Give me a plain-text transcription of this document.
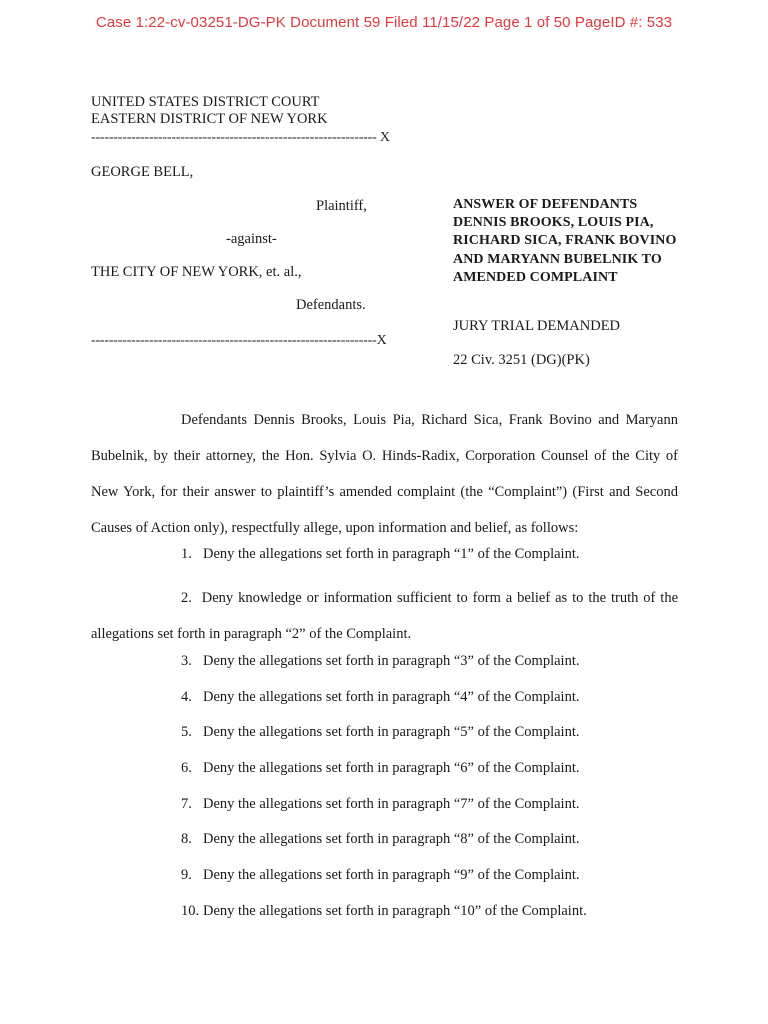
Case 1:22-cv-03251-DG-PK Document 59 Filed 11/15/22 Page 1 of 50 PageID #: 533
UNITED STATES DISTRICT COURT
EASTERN DISTRICT OF NEW YORK
---------------------------------------------------------------- X
GEORGE BELL,
Plaintiff,
-against-
THE CITY OF NEW YORK, et. al.,
Defendants.
----------------------------------------------------------------X
ANSWER OF DEFENDANTS DENNIS BROOKS, LOUIS PIA, RICHARD SICA, FRANK BOVINO AND MARYANN BUBELNIK TO AMENDED COMPLAINT
JURY TRIAL DEMANDED
22 Civ. 3251 (DG)(PK)

Defendants Dennis Brooks, Louis Pia, Richard Sica, Frank Bovino and Maryann Bubelnik, by their attorney, the Hon. Sylvia O. Hinds-Radix, Corporation Counsel of the City of New York, for their answer to plaintiff’s amended complaint (the “Complaint”) (First and Second Causes of Action only), respectfully allege, upon information and belief, as follows:

1. Deny the allegations set forth in paragraph “1” of the Complaint.

2. Deny knowledge or information sufficient to form a belief as to the truth of the allegations set forth in paragraph “2” of the Complaint.

3. Deny the allegations set forth in paragraph “3” of the Complaint.
4. Deny the allegations set forth in paragraph “4” of the Complaint.
5. Deny the allegations set forth in paragraph “5” of the Complaint.
6. Deny the allegations set forth in paragraph “6” of the Complaint.
7. Deny the allegations set forth in paragraph “7” of the Complaint.
8. Deny the allegations set forth in paragraph “8” of the Complaint.
9. Deny the allegations set forth in paragraph “9” of the Complaint.
10. Deny the allegations set forth in paragraph “10” of the Complaint.
